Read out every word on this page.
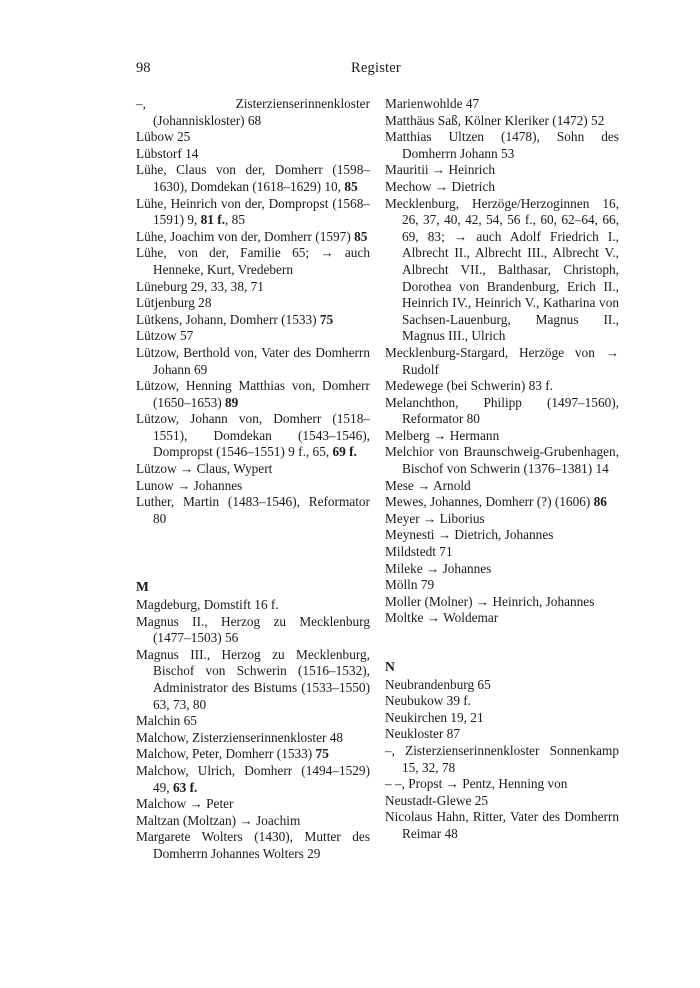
98	Register

–, Zisterzienserinnenkloster (Johanniskloster) 68

Lübow 25

Lübstorf 14

Lühe, Claus von der, Domherr (1598–1630), Domdekan (1618–1629) 10, 85

Lühe, Heinrich von der, Dompropst (1568–1591) 9, 81 f., 85

Lühe, Joachim von der, Domherr (1597) 85

Lühe, von der, Familie 65; → auch Henneke, Kurt, Vredebern

Lüneburg 29, 33, 38, 71

Lütjenburg 28

Lütkens, Johann, Domherr (1533) 75

Lützow 57

Lützow, Berthold von, Vater des Domherrn Johann 69

Lützow, Henning Matthias von, Domherr (1650–1653) 89

Lützow, Johann von, Domherr (1518–1551), Domdekan (1543–1546), Dompropst (1546–1551) 9 f., 65, 69 f.

Lützow → Claus, Wypert

Lunow → Johannes

Luther, Martin (1483–1546), Reformator 80

M

Magdeburg, Domstift 16 f.

Magnus II., Herzog zu Mecklenburg (1477–1503) 56

Magnus III., Herzog zu Mecklenburg, Bischof von Schwerin (1516–1532), Administrator des Bistums (1533–1550) 63, 73, 80

Malchin 65

Malchow, Zisterzienserinnenkloster 48

Malchow, Peter, Domherr (1533) 75

Malchow, Ulrich, Domherr (1494–1529) 49, 63 f.

Malchow → Peter

Maltzan (Moltzan) → Joachim

Margarete Wolters (1430), Mutter des Domherrn Johannes Wolters 29

Marienwohlde 47

Matthäus Saß, Kölner Kleriker (1472) 52

Matthias Ultzen (1478), Sohn des Domherrn Johann 53

Mauritii → Heinrich

Mechow → Dietrich

Mecklenburg, Herzöge/Herzoginnen 16, 26, 37, 40, 42, 54, 56 f., 60, 62–64, 66, 69, 83; → auch Adolf Friedrich I., Albrecht II., Albrecht III., Albrecht V., Albrecht VII., Balthasar, Christoph, Dorothea von Brandenburg, Erich II., Heinrich IV., Heinrich V., Katharina von Sachsen-Lauenburg, Magnus II., Magnus III., Ulrich

Mecklenburg-Stargard, Herzöge von → Rudolf

Medewege (bei Schwerin) 83 f.

Melanchthon, Philipp (1497–1560), Reformator 80

Melberg → Hermann

Melchior von Braunschweig-Grubenhagen, Bischof von Schwerin (1376–1381) 14

Mese → Arnold

Mewes, Johannes, Domherr (?) (1606) 86

Meyer → Liborius

Meynesti → Dietrich, Johannes

Mildstedt 71

Mileke → Johannes

Mölln 79

Moller (Molner) → Heinrich, Johannes

Moltke → Woldemar

N

Neubrandenburg 65

Neubukow 39 f.

Neukirchen 19, 21

Neukloster 87

–, Zisterzienserinnenkloster Sonnenkamp 15, 32, 78

– –, Propst → Pentz, Henning von

Neustadt-Glewe 25

Nicolaus Hahn, Ritter, Vater des Domherrn Reimar 48
